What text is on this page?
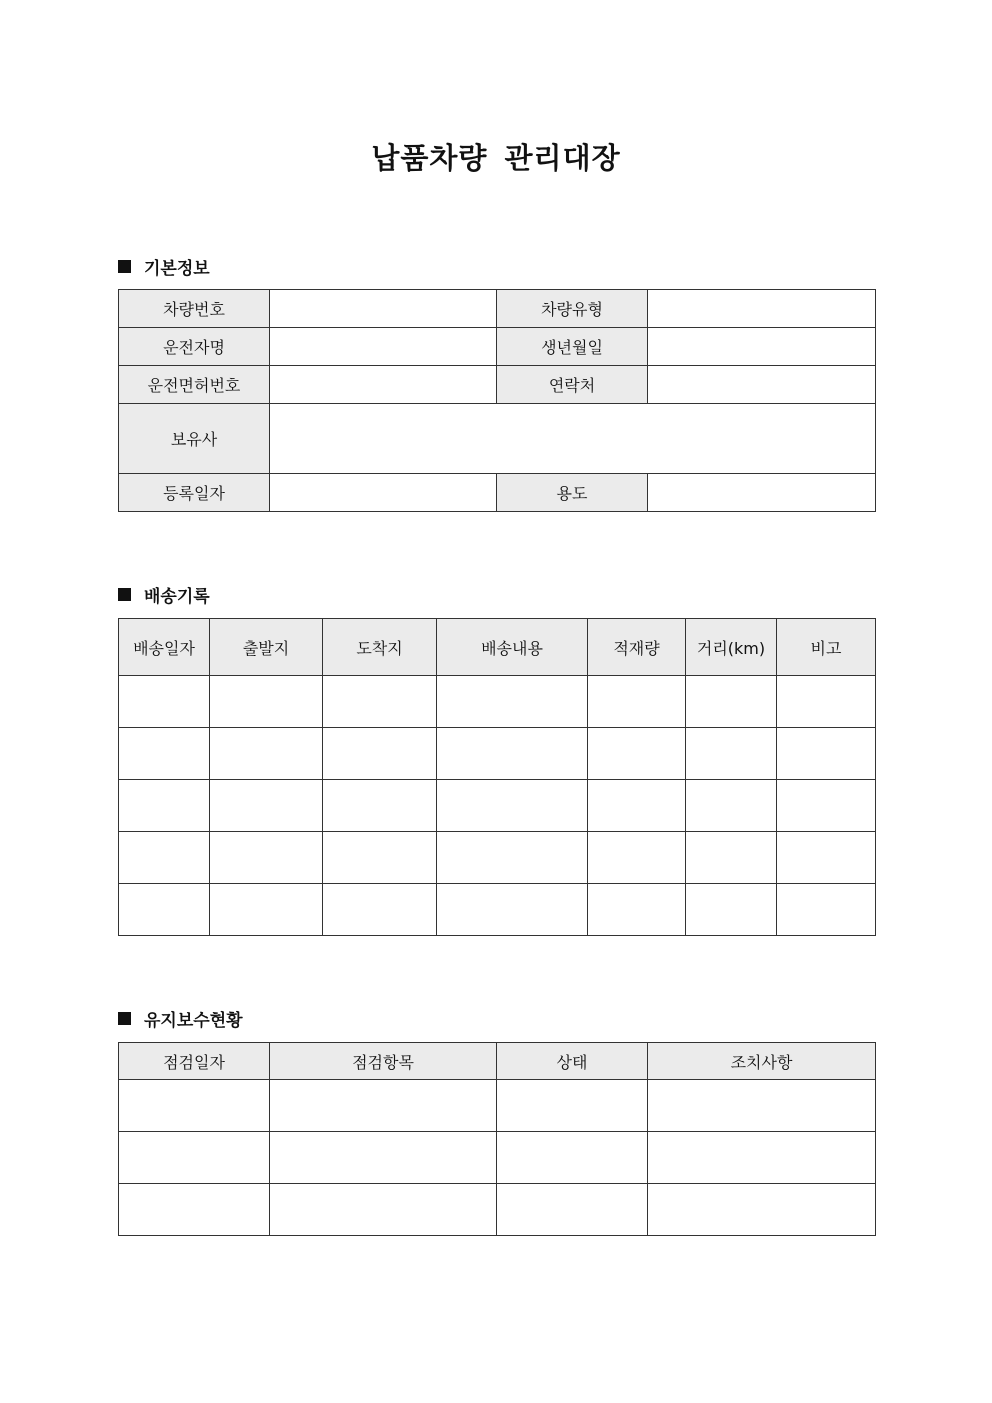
납품차량 관리대장
기본정보
차량번호		차량유형	
운전자명		생년월일	
운전면허번호		연락처	
보유사			
등록일자		용도	
배송기록
배송일자	출발지	도착지	배송내용	적재량	거리(km)	비고

유지보수현황
점검일자	점검항목	상태	조치사항
